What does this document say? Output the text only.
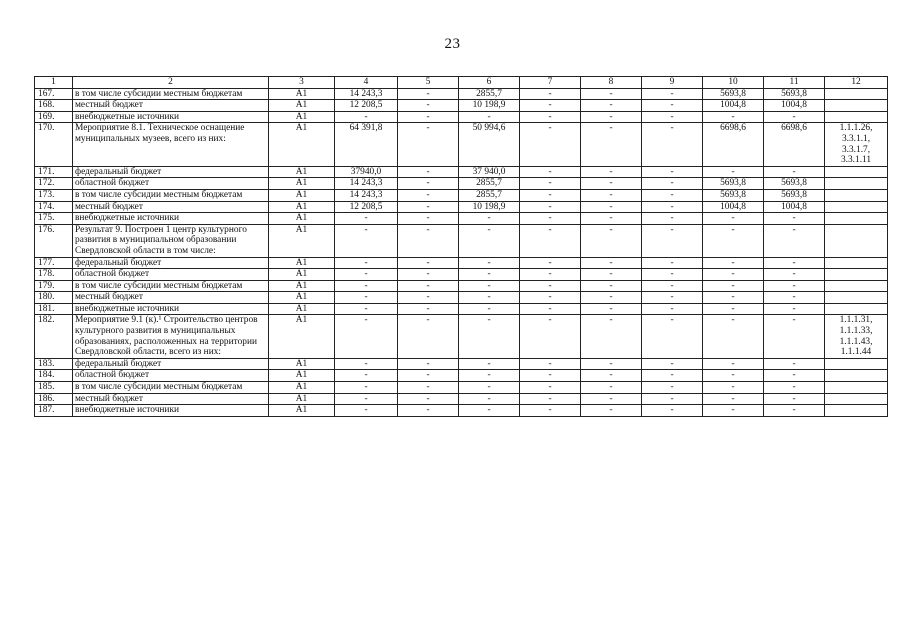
23
1	2	3	4	5	6	7	8	9	10	11	12
167.	в том числе субсидии местным бюджетам	А1	14 243,3	-	2855,7	-	-	-	5693,8	5693,8	
168.	местный бюджет	А1	12 208,5	-	10 198,9	-	-	-	1004,8	1004,8	
169.	внебюджетные источники	А1	-	-	-	-	-	-	-	-	
170.	Мероприятие 8.1. Техническое оснащение муниципальных музеев, всего из них:	А1	64 391,8	-	50 994,6	-	-	-	6698,6	6698,6	1.1.1.26, 3.3.1.1, 3.3.1.7, 3.3.1.11
171.	федеральный бюджет	А1	37940,0	-	37 940,0	-	-	-	-	-	
172.	областной бюджет	А1	14 243,3	-	2855,7	-	-	-	5693,8	5693,8	
173.	в том числе субсидии местным бюджетам	А1	14 243,3	-	2855,7	-	-	-	5693,8	5693,8	
174.	местный бюджет	А1	12 208,5	-	10 198,9	-	-	-	1004,8	1004,8	
175.	внебюджетные источники	А1	-	-	-	-	-	-	-	-	
176.	Результат 9. Построен 1 центр культурного развития в муниципальном образовании Свердловской области в том числе:	А1	-	-	-	-	-	-	-	-	
177.	федеральный бюджет	А1	-	-	-	-	-	-	-	-	
178.	областной бюджет	А1	-	-	-	-	-	-	-	-	
179.	в том числе субсидии местным бюджетам	А1	-	-	-	-	-	-	-	-	
180.	местный бюджет	А1	-	-	-	-	-	-	-	-	
181.	внебюджетные источники	А1	-	-	-	-	-	-	-	-	
182.	Мероприятие 9.1 (к).¹ Строительство центров культурного развития в муниципальных образованиях, расположенных на территории Свердловской области, всего из них:	А1	-	-	-	-	-	-	-	-	1.1.1.31, 1.1.1.33, 1.1.1.43, 1.1.1.44
183.	федеральный бюджет	А1	-	-	-	-	-	-	-	-	
184.	областной бюджет	А1	-	-	-	-	-	-	-	-	
185.	в том числе субсидии местным бюджетам	А1	-	-	-	-	-	-	-	-	
186.	местный бюджет	А1	-	-	-	-	-	-	-	-	
187.	внебюджетные источники	А1	-	-	-	-	-	-	-	-	
